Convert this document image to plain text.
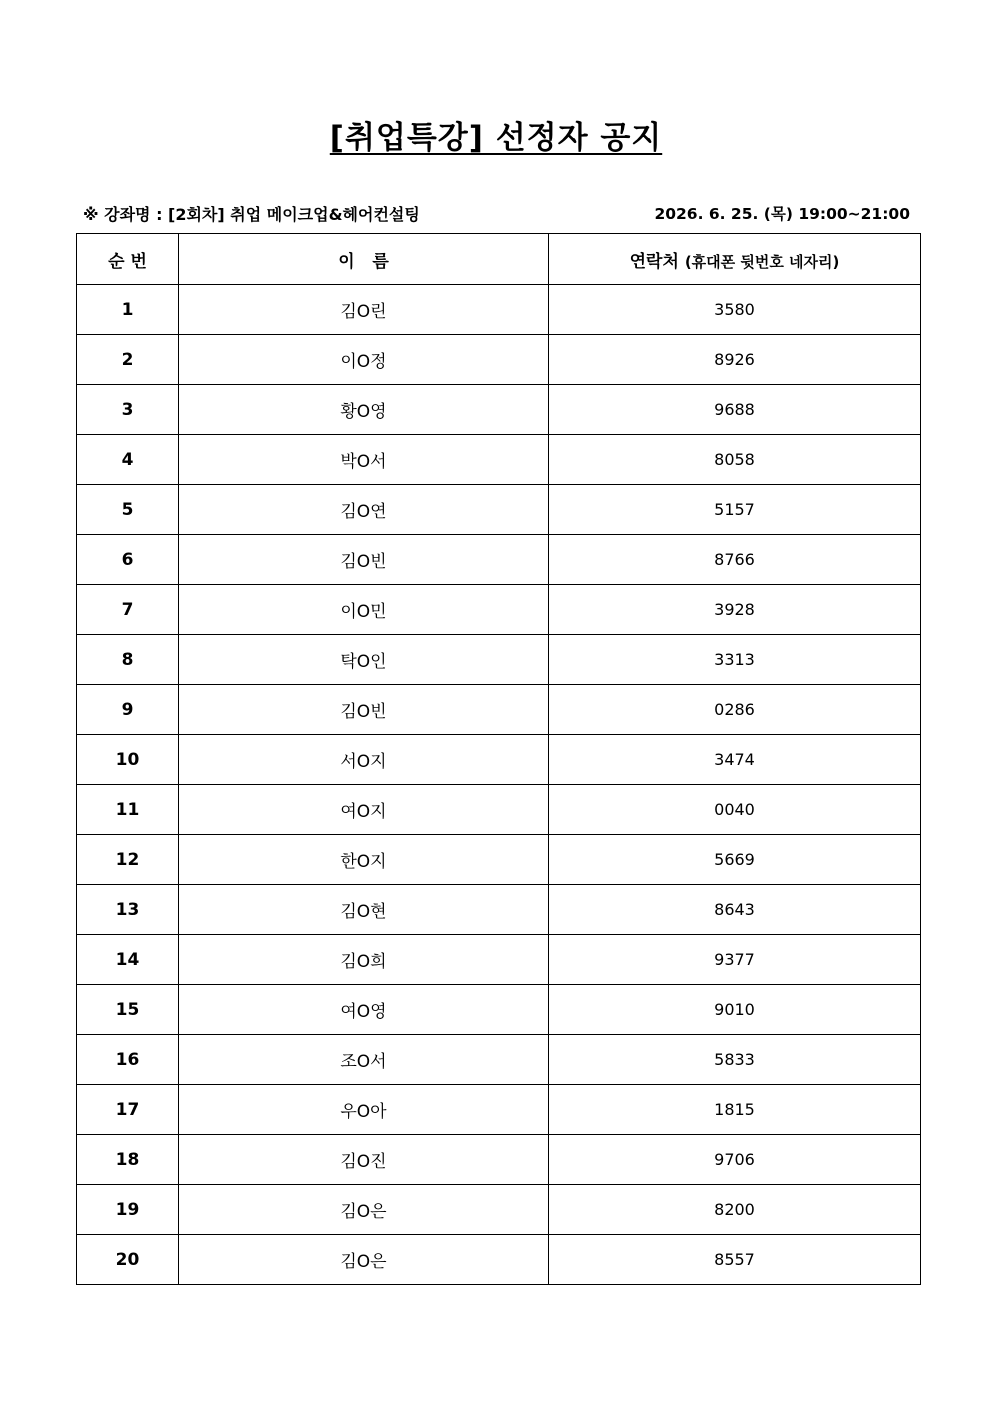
[취업특강] 선정자 공지
※ 강좌명 : [2회차] 취업 메이크업&헤어컨설팅	2026. 6. 25. (목) 19:00~21:00
순 번	이   름	연락처 (휴대폰 뒷번호 네자리)
1	김O린	3580
2	이O정	8926
3	황O영	9688
4	박O서	8058
5	김O연	5157
6	김O빈	8766
7	이O민	3928
8	탁O인	3313
9	김O빈	0286
10	서O지	3474
11	여O지	0040
12	한O지	5669
13	김O현	8643
14	김O희	9377
15	여O영	9010
16	조O서	5833
17	우O아	1815
18	김O진	9706
19	김O은	8200
20	김O은	8557
